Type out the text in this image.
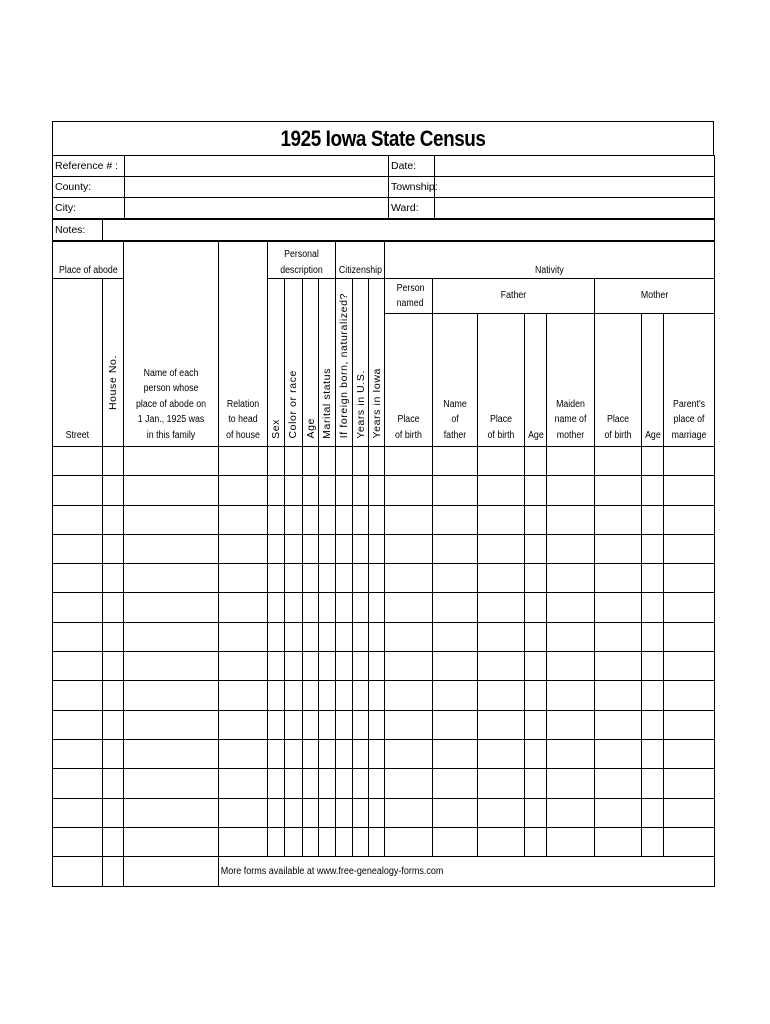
1925 Iowa State Census
Reference # :		Date:	
County:		Township:	
City:		Ward:	
Notes:	
Place of abode		Name of each person whose place of abode on 1 Jan., 1925 was in this family	Relation to head of house	Personal description				Citizenship			Nativity								
Street	House No.			Sex	Color or race	Age	Marital status	If foreign born, naturalized?	Years in U.S.	Years in Iowa	Person named	Father				Mother			

											Place of birth	Name of father	Place of birth	Age	Maiden name of mother	Place of birth	Age	Parent's place of marriage	

			More forms available at www.free-genealogy-forms.com																
